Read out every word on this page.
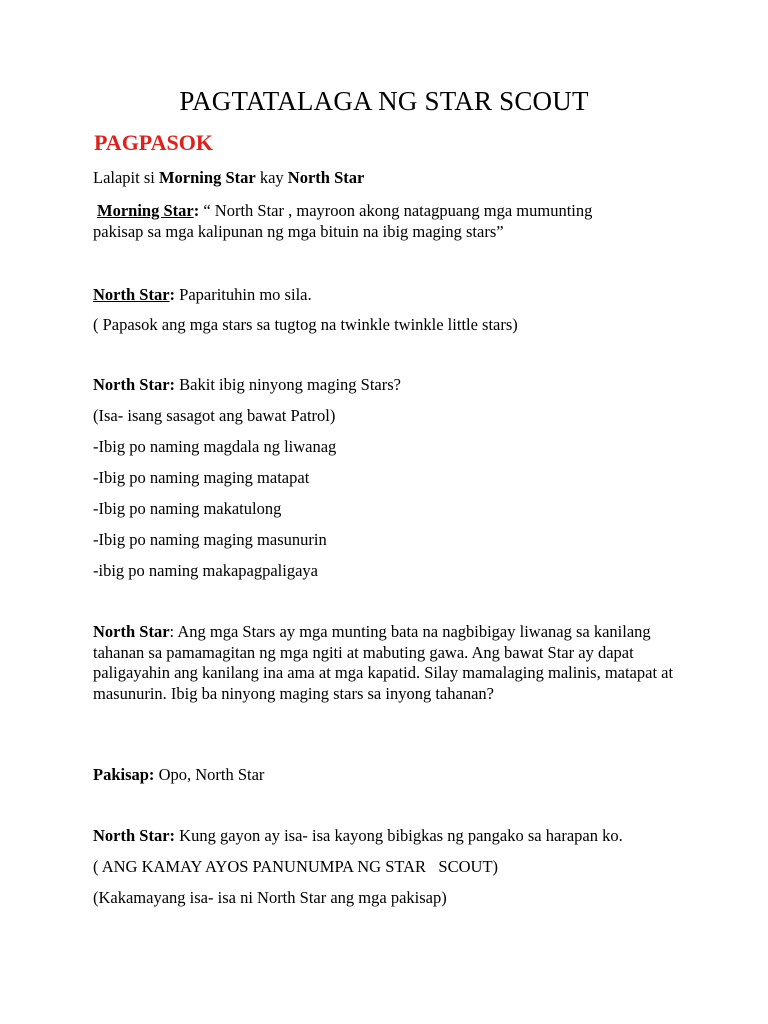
PAGTATALAGA NG STAR SCOUT
PAGPASOK

Lalapit si Morning Star kay North Star

Morning Star: “ North Star , mayroon akong natagpuang mga mumunting

pakisap sa mga kalipunan ng mga bituin na ibig maging stars”

North Star: Paparituhin mo sila.

( Papasok ang mga stars sa tugtog na twinkle twinkle little stars)

North Star: Bakit ibig ninyong maging Stars?

(Isa- isang sasagot ang bawat Patrol)

-Ibig po naming magdala ng liwanag

-Ibig po naming maging matapat

-Ibig po naming makatulong

-Ibig po naming maging masunurin

-ibig po naming makapagpaligaya

North Star: Ang mga Stars ay mga munting bata na nagbibigay liwanag sa kanilang tahanan sa pamamagitan ng mga ngiti at mabuting gawa. Ang bawat Star ay dapat paligayahin ang kanilang ina ama at mga kapatid. Silay mamalaging malinis, matapat at masunurin. Ibig ba ninyong maging stars sa inyong tahanan?

Pakisap: Opo, North Star

North Star: Kung gayon ay isa- isa kayong bibigkas ng pangako sa harapan ko.

( ANG KAMAY AYOS PANUNUMPA NG STAR   SCOUT)

(Kakamayang isa- isa ni North Star ang mga pakisap)
